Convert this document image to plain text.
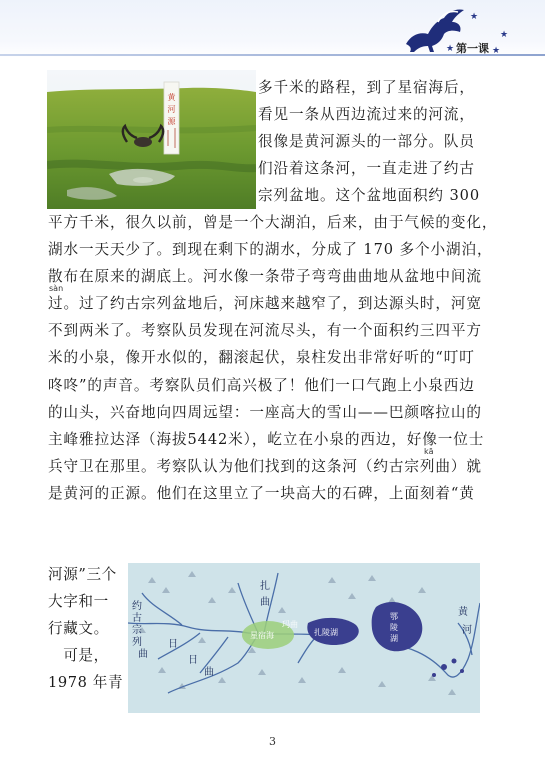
★
★
★	★
第一课
黄
河
源
多千米的路程，到了星宿海后，
看见一条从西边流过来的河流，
很像是黄河源头的一部分。队员
们沿着这条河，一直走进了约古
宗列盆地。这个盆地面积约 300
平方千米，很久以前，曾是一个大湖泊，后来，由于气候的变化，
湖水一天天少了。到现在剩下的湖水，分成了 170 多个小湖泊，
散布在原来的湖底上。河水像一条带子弯弯曲曲地从盆地中间流
过。过了约古宗列盆地后，河床越来越窄了，到达源头时，河宽
不到两米了。考察队员发现在河流尽头，有一个面积约三四平方
米的小泉，像开水似的，翻滚起伏，泉柱发出非常好听的“叮叮
咚咚”的声音。考察队员们高兴极了！他们一口气跑上小泉西边
的山头，兴奋地向四周远望：一座高大的雪山——巴颜喀拉山的
主峰雅拉达泽（海拔5442米），屹立在小泉的西边，好像一位士
兵守卫在那里。考察队认为他们找到的这条河（约古宗列曲）就
是黄河的正源。他们在这里立了一块高大的石碑，上面刻着“黄
sàn
kā
河源”三个
大字和一
行藏文。
　可是，
1978 年青
约
古
宗
列
曲
日
日
曲
扎
曲
黄
河
星宿海
玛曲
扎陵湖
鄂
陵
湖
3
